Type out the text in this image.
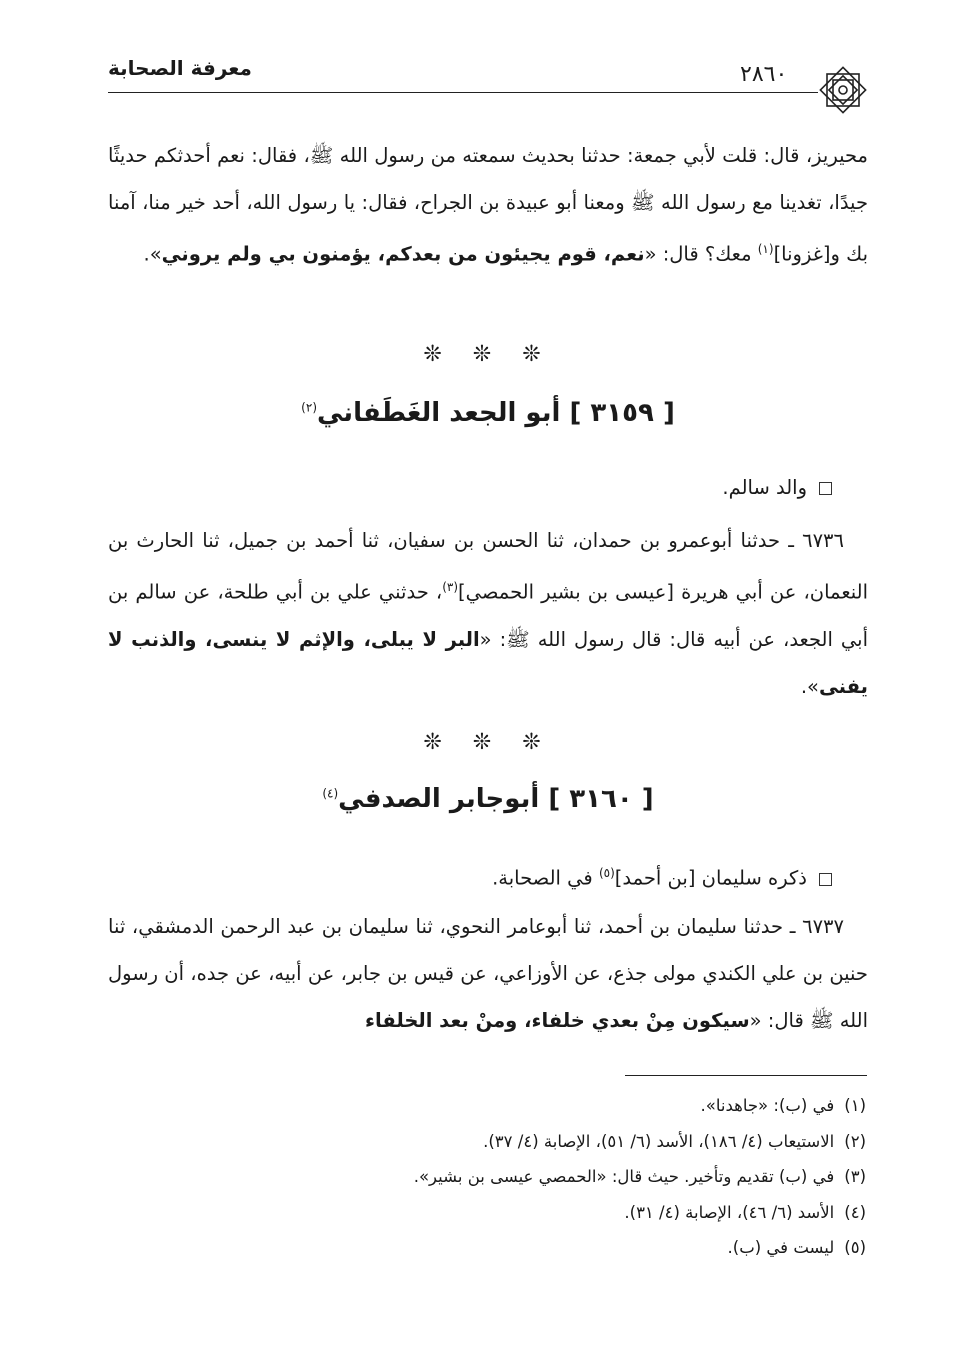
معرفة الصحابة	٢٨٦٠

محيريز، قال: قلت لأبي جمعة: حدثنا بحديث سمعته من رسول الله ﷺ، فقال: نعم أحدثكم حديثًا جيدًا، تغدينا مع رسول الله ﷺ ومعنا أبو عبيدة بن الجراح، فقال: يا رسول الله، أحد خير منا، آمنا بك و[غزونا]$^{(١)}$ معك؟ قال: «نعم، قوم يجيئون من بعدكم، يؤمنون بي ولم يروني».

❊ ❊ ❊
[ ٣١٥٩ ] أبو الجعد الغَطَفاني$^{(٢)}$
والد سالم.

٦٧٣٦ ـ حدثنا أبوعمرو بن حمدان، ثنا الحسن بن سفيان، ثنا أحمد بن جميل، ثنا الحارث بن النعمان، عن أبي هريرة [عيسى بن بشير الحمصي]$^{(٣)}$، حدثني علي بن أبي طلحة، عن سالم بن أبي الجعد، عن أبيه قال: قال رسول الله ﷺ: «البر لا يبلى، والإثم لا ينسى، والذنب لا يفنى».

❊ ❊ ❊
[ ٣١٦٠ ] أبوجابر الصدفي$^{(٤)}$
ذكره سليمان [بن أحمد]$^{(٥)}$ في الصحابة.

٦٧٣٧ ـ حدثنا سليمان بن أحمد، ثنا أبوعامر النحوي، ثنا سليمان بن عبد الرحمن الدمشقي، ثنا حنين بن علي الكندي مولى جذع، عن الأوزاعي، عن قيس بن جابر، عن أبيه، عن جده، أن رسول الله ﷺ قال: «سيكون مِنْ بعدي خلفاء، ومنْ بعد الخلفاء

(١)في (ب): «جاهدنا».
(٢)الاستيعاب (٤/ ١٨٦)، الأسد (٦/ ٥١)، الإصابة (٤/ ٣٧).
(٣)في (ب) تقديم وتأخير. حيث قال: «الحمصي عيسى بن بشير».
(٤)الأسد (٦/ ٤٦)، الإصابة (٤/ ٣١).
(٥)ليست في (ب).
